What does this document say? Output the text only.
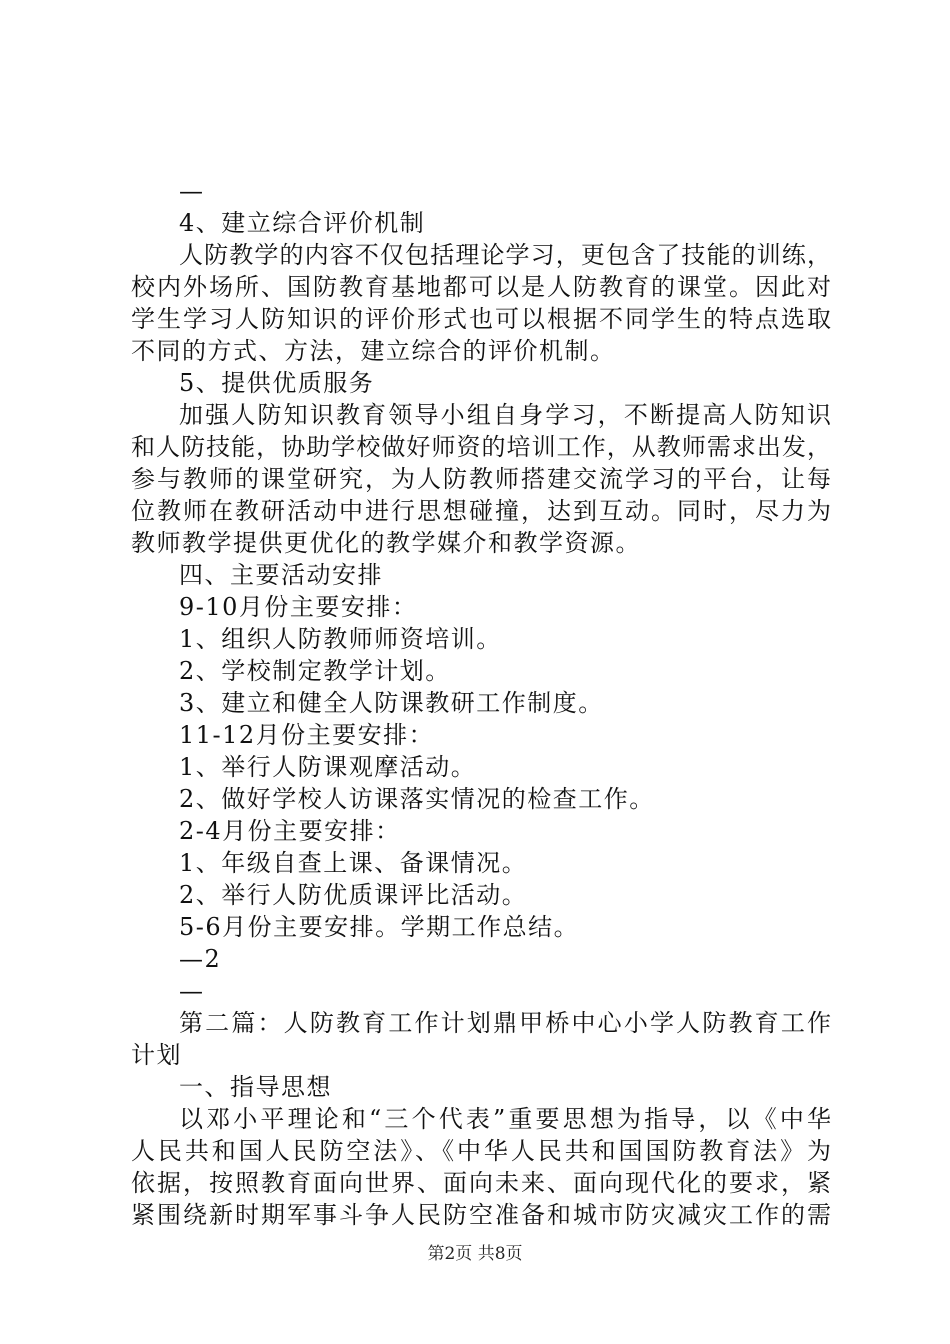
—
4、建立综合评价机制
人防教学的内容不仅包括理论学习，更包含了技能的训练，
校内外场所、国防教育基地都可以是人防教育的课堂。因此对
学生学习人防知识的评价形式也可以根据不同学生的特点选取
不同的方式、方法，建立综合的评价机制。
5、提供优质服务
加强人防知识教育领导小组自身学习，不断提高人防知识
和人防技能，协助学校做好师资的培训工作，从教师需求出发，
参与教师的课堂研究，为人防教师搭建交流学习的平台，让每
位教师在教研活动中进行思想碰撞，达到互动。同时，尽力为
教师教学提供更优化的教学媒介和教学资源。
四、主要活动安排
9-10月份主要安排：
1、组织人防教师师资培训。
2、学校制定教学计划。
3、建立和健全人防课教研工作制度。
11-12月份主要安排：
1、举行人防课观摩活动。
2、做好学校人访课落实情况的检查工作。
2-4月份主要安排：
1、年级自查上课、备课情况。
2、举行人防优质课评比活动。
5-6月份主要安排。学期工作总结。
—2
—
第二篇：人防教育工作计划鼎甲桥中心小学人防教育工作
计划
一、指导思想
以邓小平理论和“三个代表”重要思想为指导，以《中华
人民共和国人民防空法》、《中华人民共和国国防教育法》为
依据，按照教育面向世界、面向未来、面向现代化的要求，紧
紧围绕新时期军事斗争人民防空准备和城市防灾减灾工作的需
第2页 共8页
